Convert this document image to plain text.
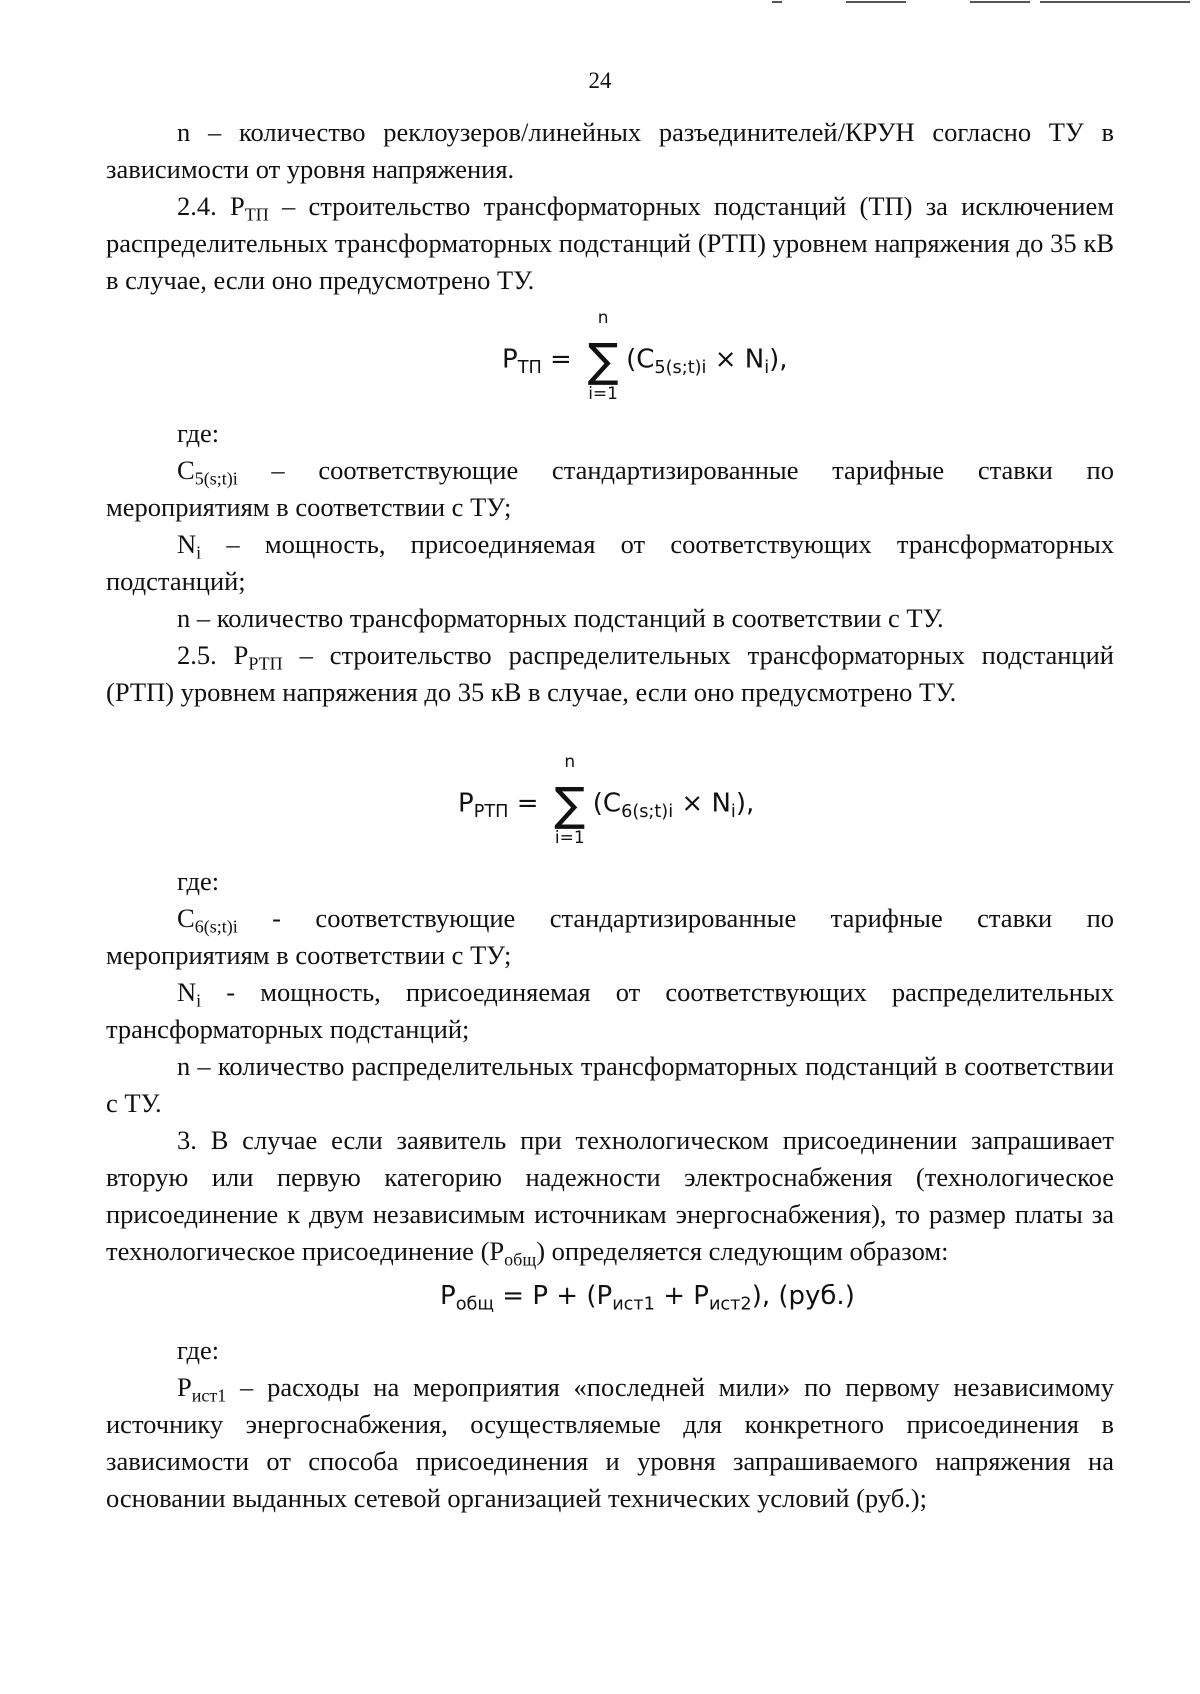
24

n – количество реклоузеров/линейных разъединителей/КРУН согласно ТУ в зависимости от уровня напряжения.

2.4. $Р_{ТП}$ – строительство трансформаторных подстанций (ТП) за исключением распределительных трансформаторных подстанций (РТП) уровнем напряжения до 35 кВ в случае, если оно предусмотрено ТУ.

$P_{ТП}$ =
n
∑
i=1
$(C_{5(s;t)i} \times N_i)$,

где:

$С_{5(s;t)i}$ – соответствующие стандартизированные тарифные ставки по мероприятиям в соответствии с ТУ;

$N_i$ – мощность, присоединяемая от соответствующих трансформаторных подстанций;

n – количество трансформаторных подстанций в соответствии с ТУ.

2.5. $Р_{РТП}$ – строительство распределительных трансформаторных подстанций (РТП) уровнем напряжения до 35 кВ в случае, если оно предусмотрено ТУ.

$P_{РТП}$ =
n
∑
i=1
$(C_{6(s;t)i} \times N_i)$,

где:

$С_{6(s;t)i}$ - соответствующие стандартизированные тарифные ставки по мероприятиям в соответствии с ТУ;

$N_i$ - мощность, присоединяемая от соответствующих распределительных трансформаторных подстанций;

n – количество распределительных трансформаторных подстанций в соответствии с ТУ.

3. В случае если заявитель при технологическом присоединении запрашивает вторую или первую категорию надежности электроснабжения (технологическое присоединение к двум независимым источникам энергоснабжения), то размер платы за технологическое присоединение $(Р_{общ})$ определяется следующим образом:

$P_{общ} = P + (P_{ист1} + P_{ист2})$, (руб.)

где:

$Р_{ист1}$ – расходы на мероприятия «последней мили» по первому независимому источнику энергоснабжения, осуществляемые для конкретного присоединения в зависимости от способа присоединения и уровня запрашиваемого напряжения на основании выданных сетевой организацией технических условий (руб.);
